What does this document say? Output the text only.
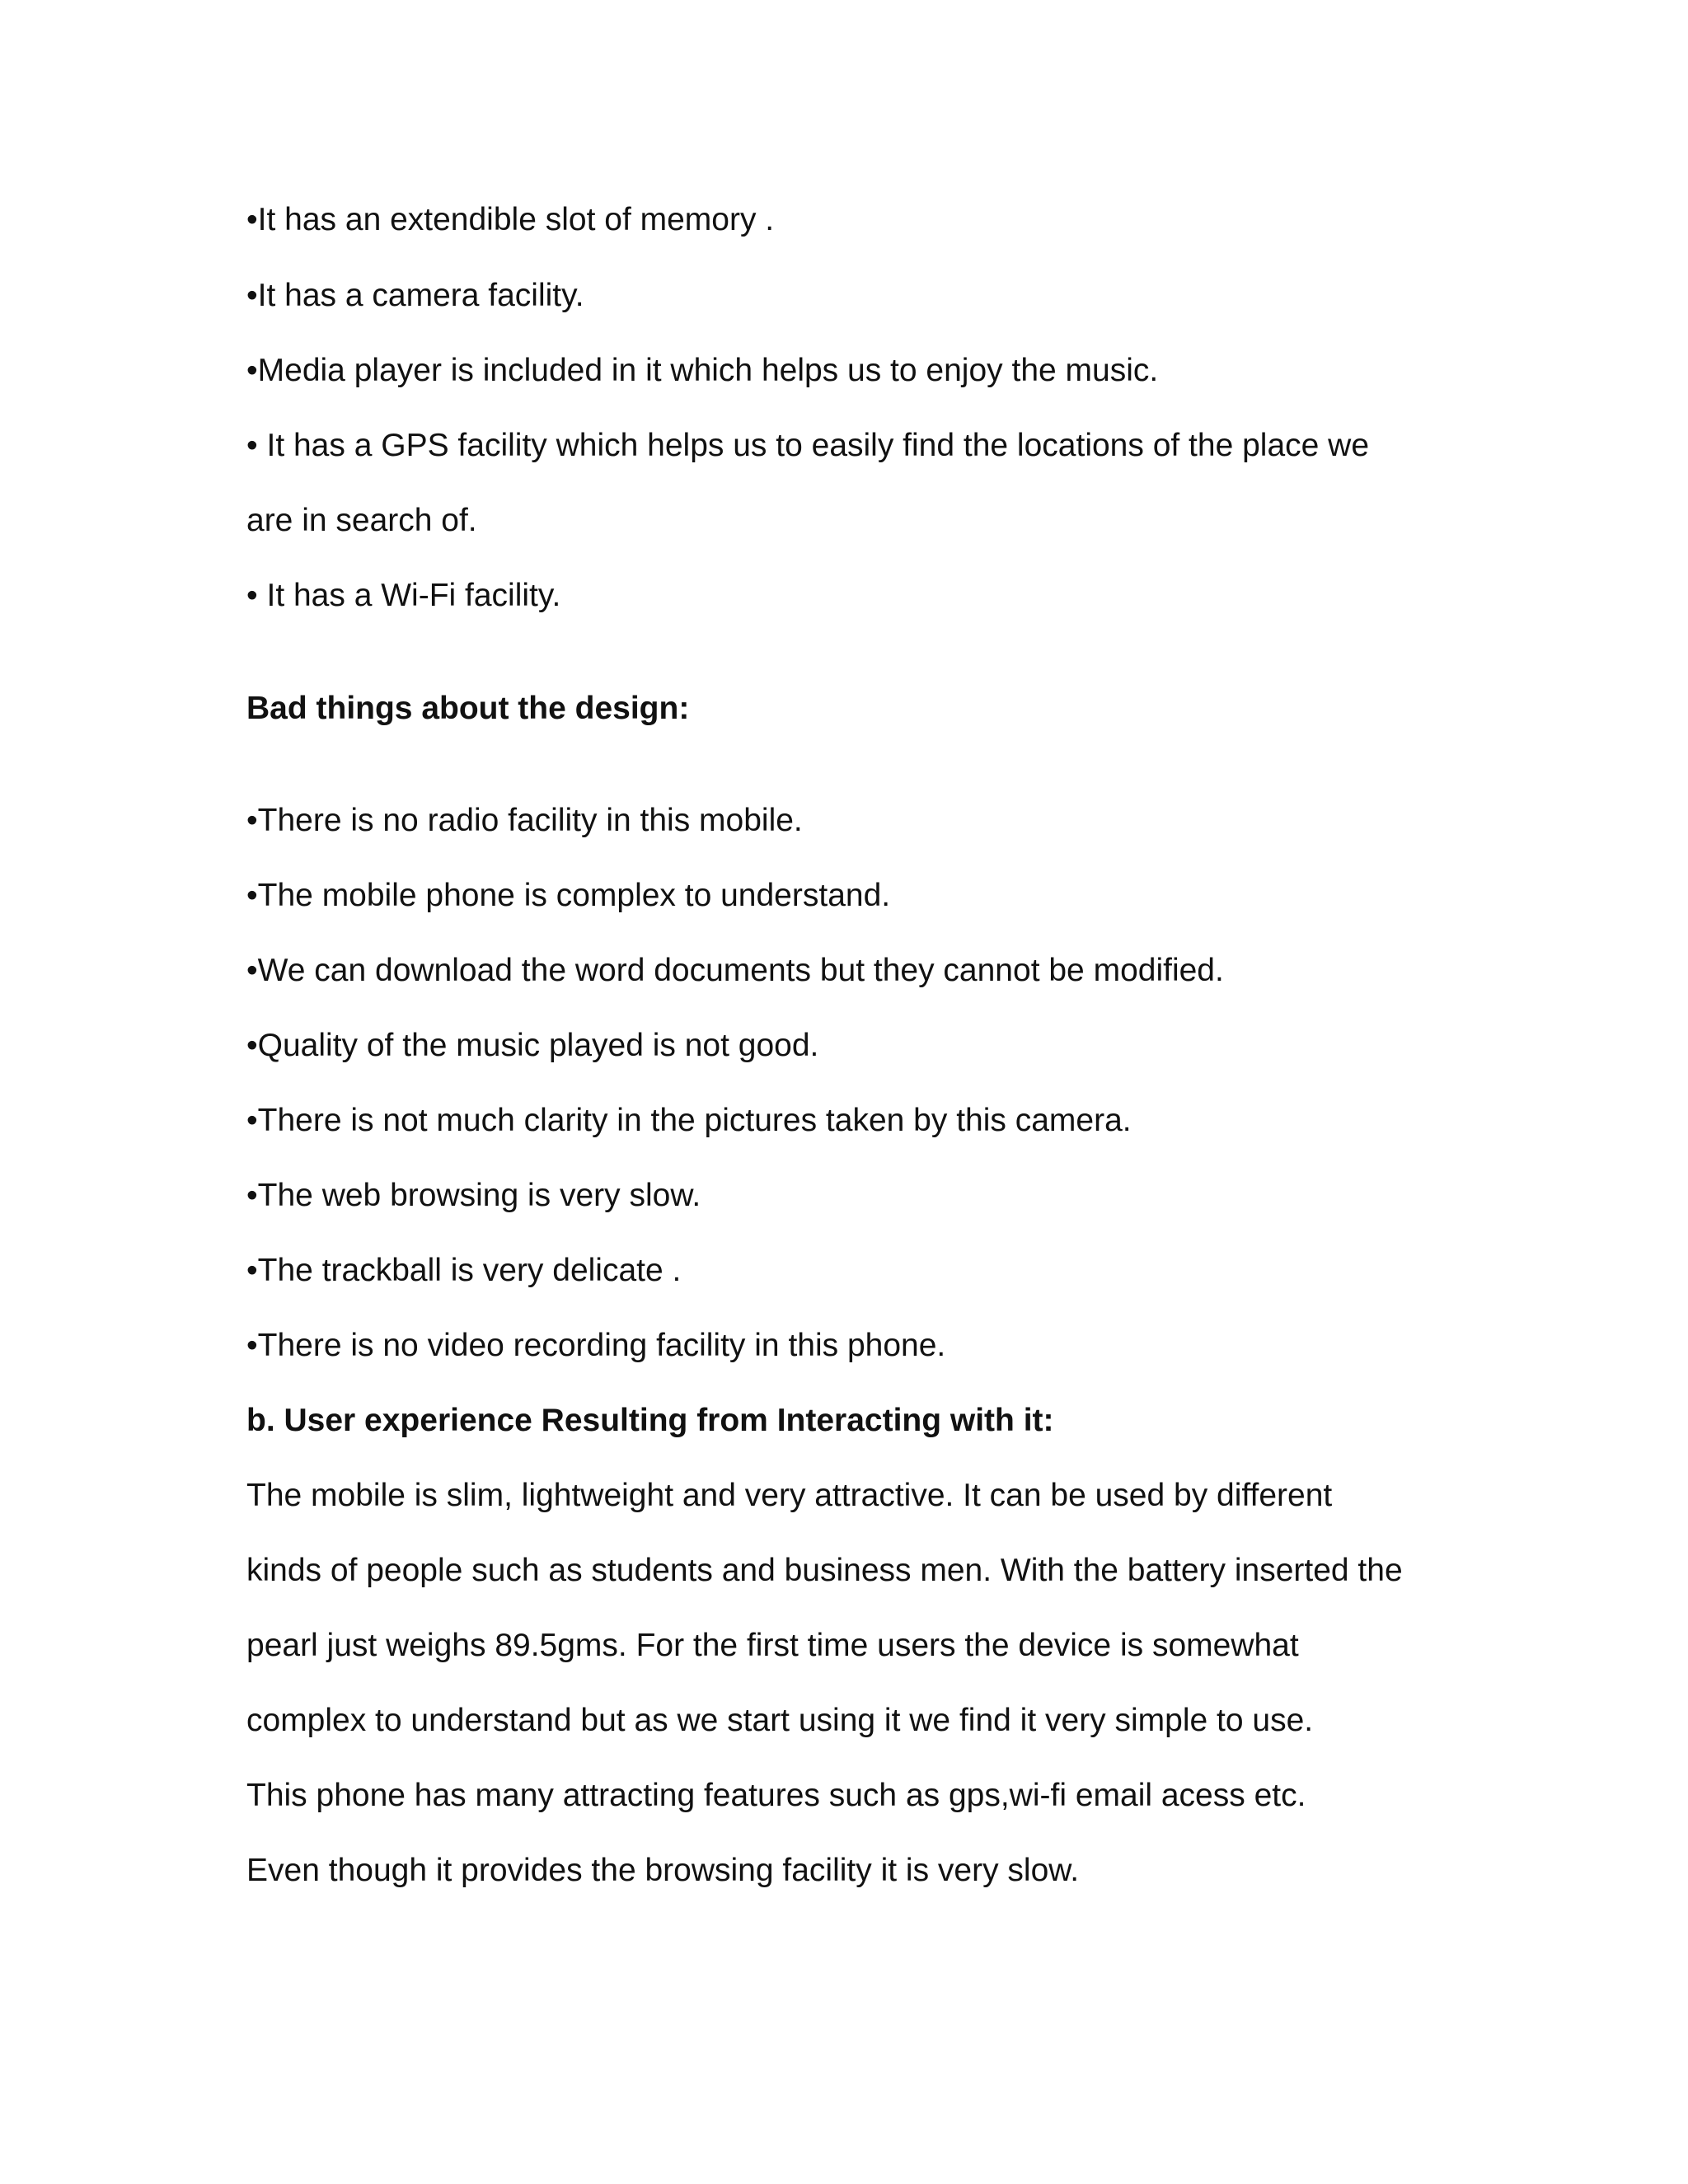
•It has an extendible slot of memory .
•It has a camera facility.
•Media player is included in it which helps us to enjoy the music.
• It has a GPS facility which helps us to easily find the locations of the place we
are in search of.
• It has a Wi-Fi facility.
Bad things about the design:
•There is no radio facility in this mobile.
•The mobile phone is complex to understand.
•We can download the word documents but they cannot be modified.
•Quality of the music played is not good.
•There is not much clarity in the pictures taken by this camera.
•The web browsing is very slow.
•The trackball is very delicate .
•There is no video recording facility in this phone.
b. User experience Resulting from Interacting with it:
The mobile is slim, lightweight and very attractive. It can be used by different
kinds of people such as students and business men. With the battery inserted the
pearl just weighs 89.5gms. For the first time users the device is somewhat
complex to understand but as we start using it we find it very simple to use.
This phone has many attracting features such as gps,wi-fi email acess etc.
Even though it provides the browsing facility it is very slow.
